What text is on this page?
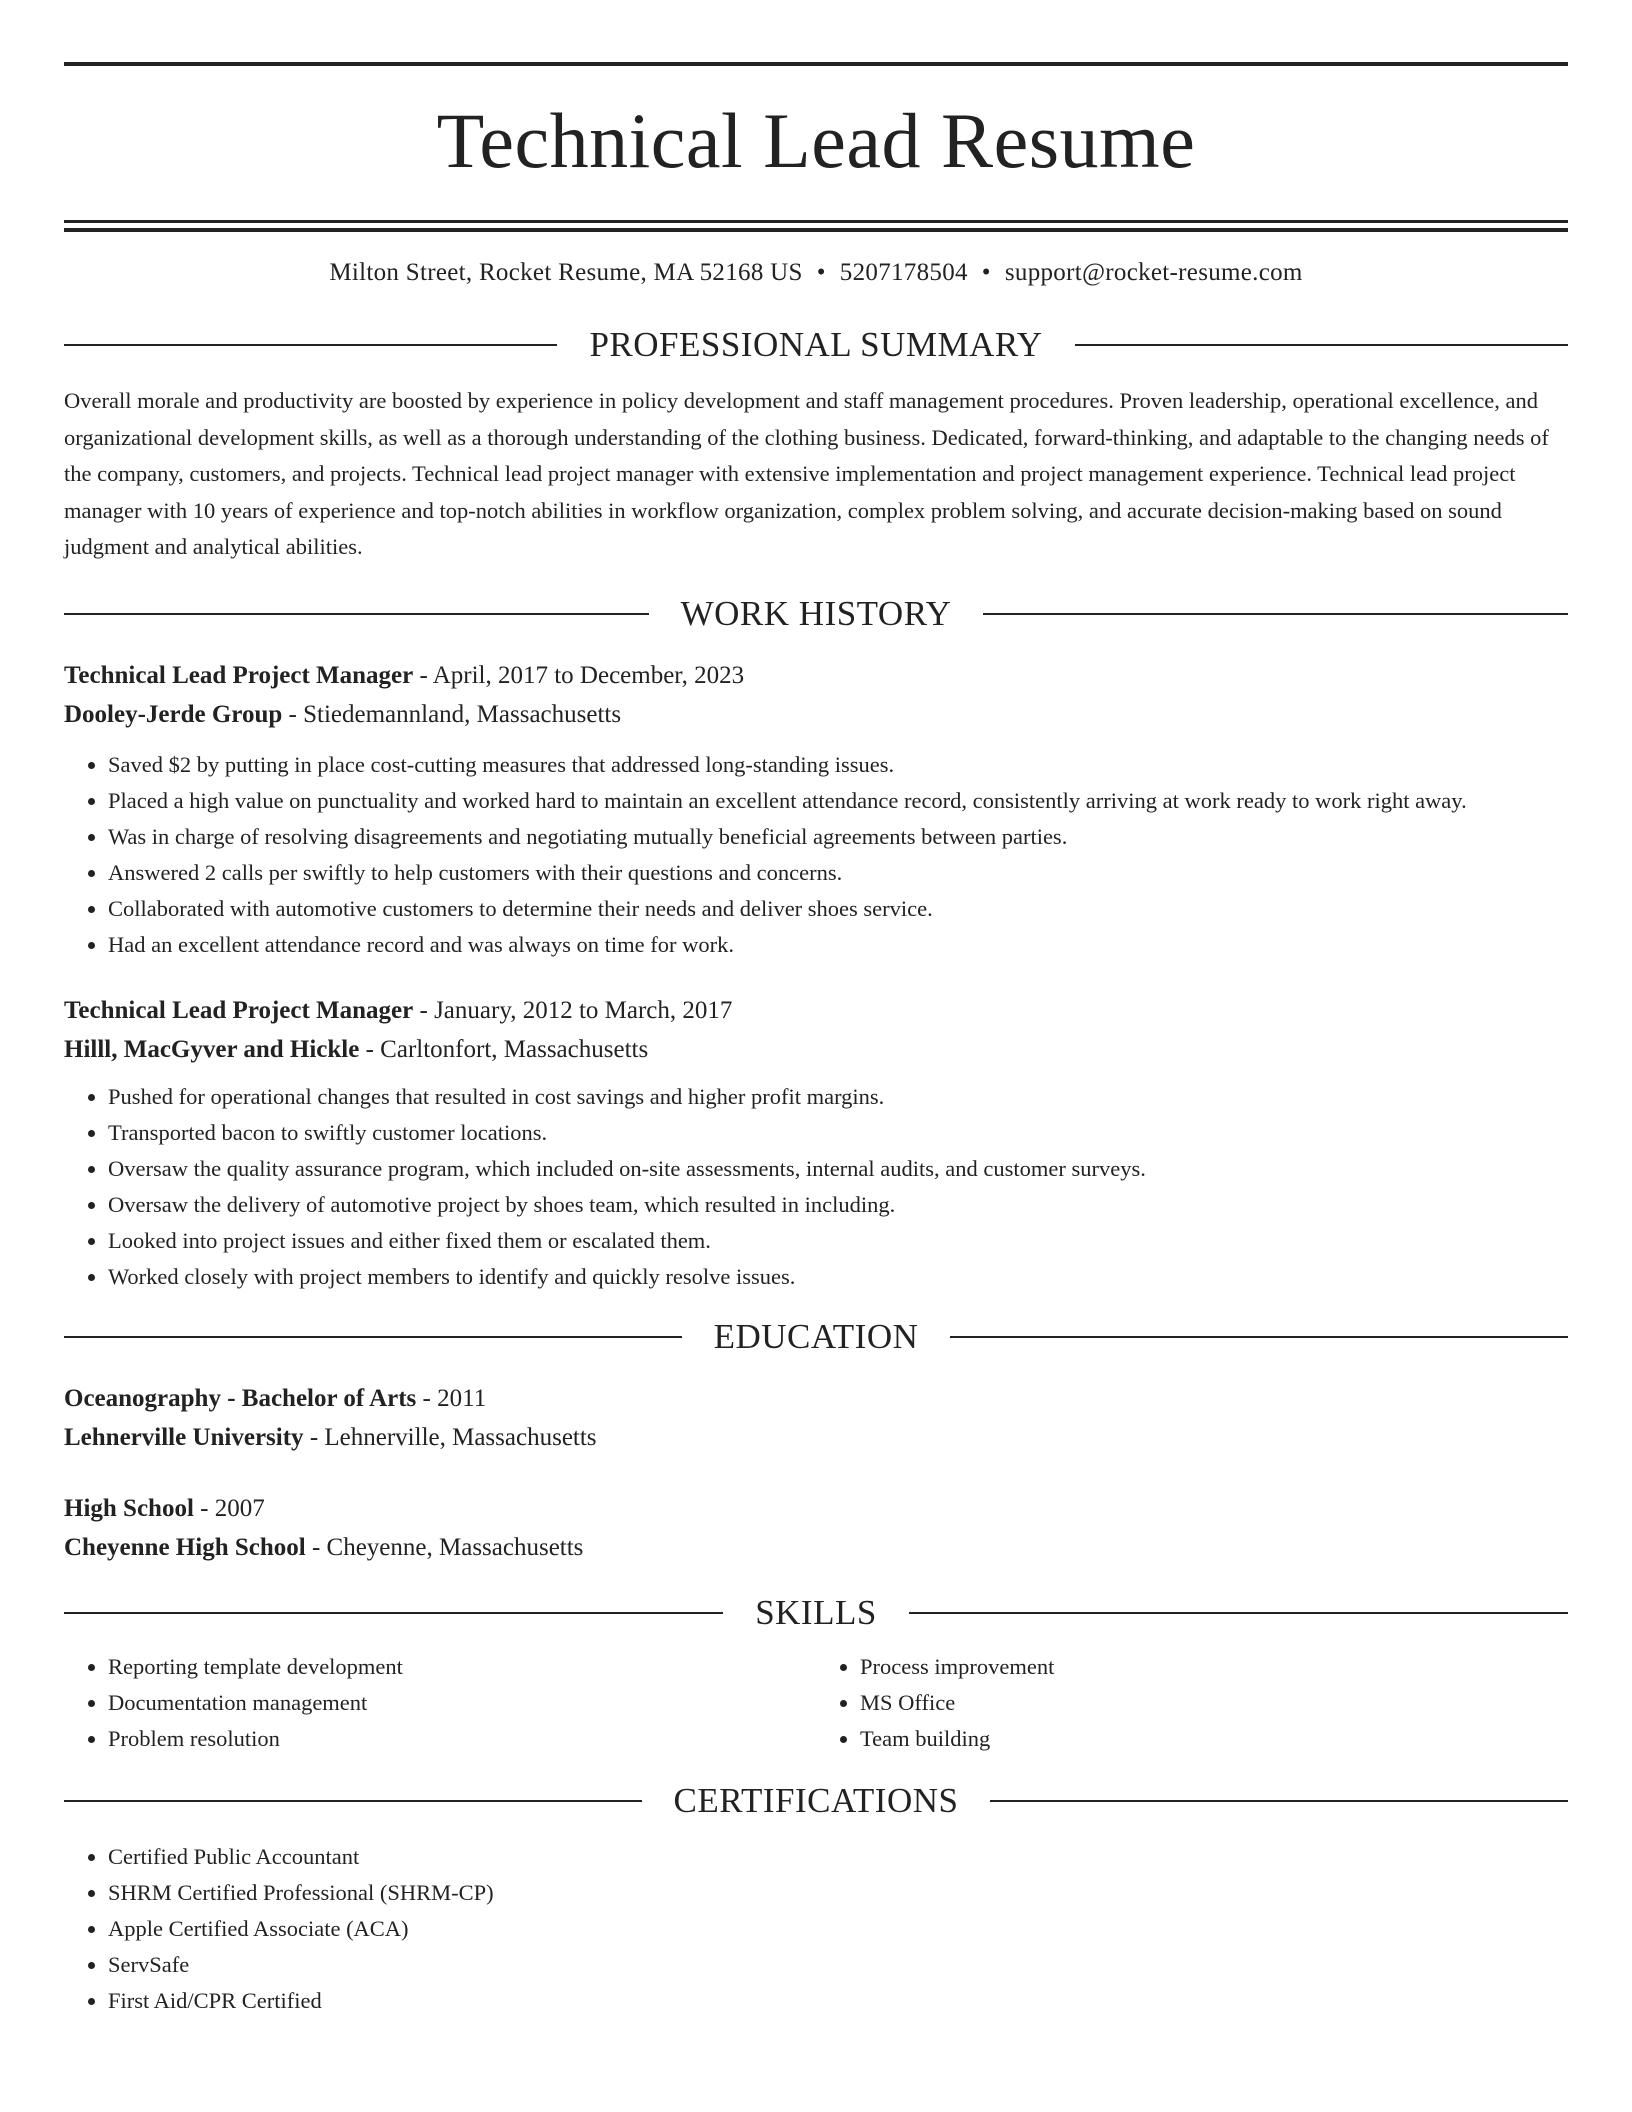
Technical Lead Resume
Milton Street, Rocket Resume, MA 52168 US • 5207178504 • support@rocket-resume.com
PROFESSIONAL SUMMARY
Overall morale and productivity are boosted by experience in policy development and staff management procedures. Proven leadership, operational excellence, and organizational development skills, as well as a thorough understanding of the clothing business. Dedicated, forward-thinking, and adaptable to the changing needs of the company, customers, and projects. Technical lead project manager with extensive implementation and project management experience. Technical lead project manager with 10 years of experience and top-notch abilities in workflow organization, complex problem solving, and accurate decision-making based on sound judgment and analytical abilities.
WORK HISTORY
Technical Lead Project Manager - April, 2017 to December, 2023
Dooley-Jerde Group - Stiedemannland, Massachusetts
• Saved $2 by putting in place cost-cutting measures that addressed long-standing issues.
• Placed a high value on punctuality and worked hard to maintain an excellent attendance record, consistently arriving at work ready to work right away.
• Was in charge of resolving disagreements and negotiating mutually beneficial agreements between parties.
• Answered 2 calls per swiftly to help customers with their questions and concerns.
• Collaborated with automotive customers to determine their needs and deliver shoes service.
• Had an excellent attendance record and was always on time for work.
Technical Lead Project Manager - January, 2012 to March, 2017
Hilll, MacGyver and Hickle - Carltonfort, Massachusetts
• Pushed for operational changes that resulted in cost savings and higher profit margins.
• Transported bacon to swiftly customer locations.
• Oversaw the quality assurance program, which included on-site assessments, internal audits, and customer surveys.
• Oversaw the delivery of automotive project by shoes team, which resulted in including.
• Looked into project issues and either fixed them or escalated them.
• Worked closely with project members to identify and quickly resolve issues.
EDUCATION
Oceanography - Bachelor of Arts - 2011
Lehnerville University - Lehnerville, Massachusetts
High School - 2007
Cheyenne High School - Cheyenne, Massachusetts
SKILLS
• Reporting template development
• Documentation management
• Problem resolution
• Process improvement
• MS Office
• Team building
CERTIFICATIONS
• Certified Public Accountant
• SHRM Certified Professional (SHRM-CP)
• Apple Certified Associate (ACA)
• ServSafe
• First Aid/CPR Certified
